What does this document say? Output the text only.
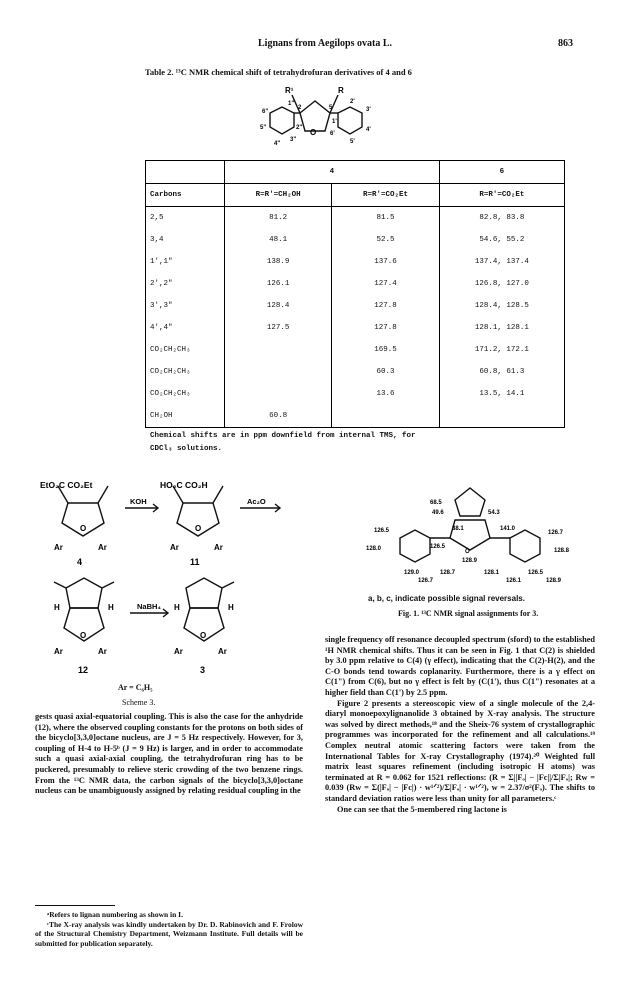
Lignans from Aegilops ovata L.	863
Table 2. ¹³C NMR chemical shift of tetrahydrofuran derivatives of 4 and 6
O
R¹	R
2	5
6"
5"
4"
3"
2"
1"	2'
3'
4'
5'
6'
1'
	4		6
Carbons	R=R'=CH₂OH	R=R'=CO₂Et	R=R'=CO₂Et
2,5	81.2	81.5	82.8, 83.8
3,4	48.1	52.5	54.6, 55.2
1',1"	138.9	137.6	137.4, 137.4
2',2"	126.1	127.4	126.8, 127.0
3',3"	128.4	127.8	128.4, 128.5
4',4"	127.5	127.8	128.1, 128.1
CO₂CH₂CH₃		169.5	171.2, 172.1
CO₂CH₂CH₃		60.3	60.8, 61.3
CO₂CH₂CH₃		13.6	13.5, 14.1
CH₂OH	60.8		
Chemical shifts are in ppm downfield from internal TMS, for
CDCl₃ solutions.
EtO₂C CO₂Et	HO₂C CO₂H
KOH	Ac₂O
NaBH₄
O	O
Ar	Ar	Ar	Ar
4	11
H	H	H	H
O	O
Ar	Ar	Ar	Ar
12	3
Ar = C₆H₅
Scheme 3.
O
68.5
49.6	54.3
88.1
126.5
128.0	126.5
128.9
141.0
126.7
128.8
129.0	128.7	128.1	126.5
126.7	126.1	128.9
a, b, c, indicate possible signal reversals.
Fig. 1. ¹³C NMR signal assignments for 3.

gests quasi axial-equatorial coupling. This is also the case for the anhydride (12), where the observed coupling constants for the protons on both sides of the bicyclo[3,3,0]octane nucleus, are J = 5 Hz respectively. However, for 3, coupling of H-4 to H-5ᵇ (J = 9 Hz) is larger, and in order to accommodate such a quasi axial-axial coupling, the tetrahydrofuran ring has to be puckered, presumably to relieve steric crowding of the two benzene rings. From the ¹³C NMR data, the carbon signals of the bicyclo[3,3,0]octane nucleus can be unambiguously assigned by relating residual coupling in the

single frequency off resonance decoupled spectrum (sford) to the established ¹H NMR chemical shifts. Thus it can be seen in Fig. 1 that C(2) is shielded by 3.0 ppm relative to C(4) (γ effect), indicating that the C(2)-H(2), and the C-O bonds tend towards coplanarity. Furthermore, there is a γ effect on C(1") from C(6), but no γ effect is felt by (C(1'), thus C(1") resonates at a higher field than C(1') by 2.5 ppm.

Figure 2 presents a stereoscopic view of a single molecule of the 2,4-diaryl monoepoxylignanolide 3 obtained by X-ray analysis. The structure was solved by direct methods,¹⁸ and the Sheix-76 system of crystallographic programmes was incorporated for the refinement and all calculations.¹⁹ Complex neutral atomic scattering factors were taken from the International Tables for X-ray Crystallography (1974).²⁰ Weighted full matrix least squares refinement (including isotropic H atoms) was terminated at R = 0.062 for 1521 reflections: (R = Σ||Fₒ| − |Fc||/Σ|Fₒ|; Rw = 0.039 (Rw = Σ(|Fₒ| − |Fc|) · w¹ᐟ²)/Σ|Fₒ| · w¹ᐟ²), w = 2.37/σ²(Fₒ). The shifts to standard deviation ratios were less than unity for all parameters.ᶜ

One can see that the 5-membered ring lactone is

ᵃRefers to lignan numbering as shown in I.
ᶜThe X-ray analysis was kindly undertaken by Dr. D. Rabinovich and F. Frolow of the Structural Chemistry Department, Weizmann Institute. Full details will be submitted for publication separately.
